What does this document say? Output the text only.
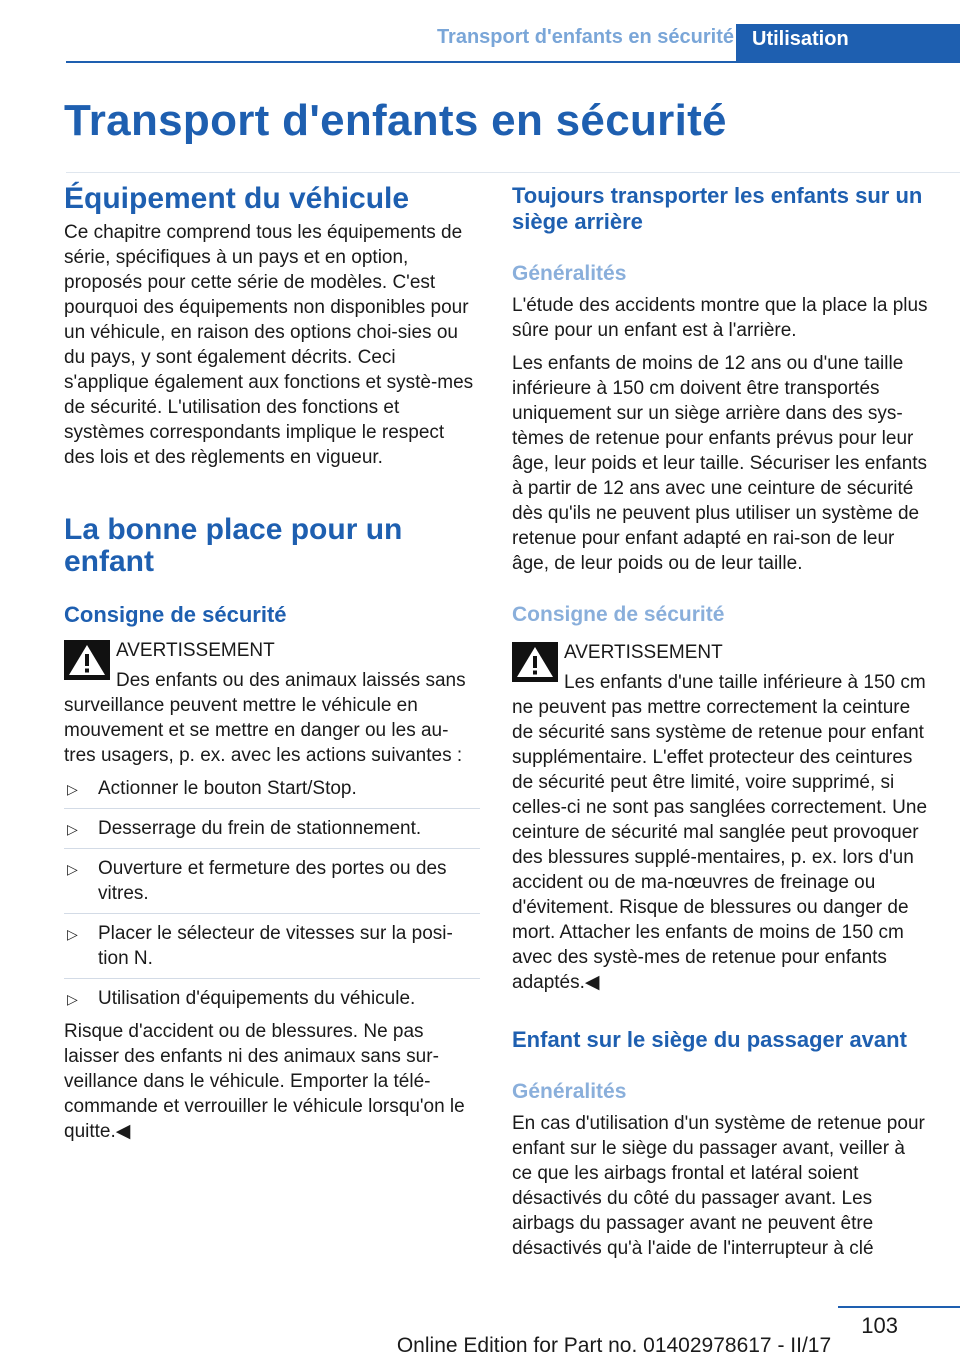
Transport d'enfants en sécurité Utilisation
Transport d'enfants en sécurité
Équipement du véhicule

Ce chapitre comprend tous les équipements de série, spécifiques à un pays et en option, proposés pour cette série de modèles. C'est pourquoi des équipements non disponibles pour un véhicule, en raison des options choi-sies ou du pays, y sont également décrits. Ceci s'applique également aux fonctions et systè-mes de sécurité. L'utilisation des fonctions et systèmes correspondants implique le respect des lois et des règlements en vigueur.

La bonne place pour un enfant
Consigne de sécurité

AVERTISSEMENT

Des enfants ou des animaux laissés sans surveillance peuvent mettre le véhicule en mouvement et se mettre en danger ou les au-tres usagers, p. ex. avec les actions suivantes :

▷ Actionner le bouton Start/Stop.
▷ Desserrage du frein de stationnement.
▷ Ouverture et fermeture des portes ou des vitres.
▷ Placer le sélecteur de vitesses sur la posi-tion N.
▷ Utilisation d'équipements du véhicule.

Risque d'accident ou de blessures. Ne pas laisser des enfants ni des animaux sans sur-veillance dans le véhicule. Emporter la télé-commande et verrouiller le véhicule lorsqu'on le quitte.◀

Toujours transporter les enfants sur un siège arrière
Généralités

L'étude des accidents montre que la place la plus sûre pour un enfant est à l'arrière.

Les enfants de moins de 12 ans ou d'une taille inférieure à 150 cm doivent être transportés uniquement sur un siège arrière dans des sys-tèmes de retenue pour enfants prévus pour leur âge, leur poids et leur taille. Sécuriser les enfants à partir de 12 ans avec une ceinture de sécurité dès qu'ils ne peuvent plus utiliser un système de retenue pour enfant adapté en rai-son de leur âge, de leur poids ou de leur taille.

Consigne de sécurité

AVERTISSEMENT

Les enfants d'une taille inférieure à 150 cm ne peuvent pas mettre correctement la ceinture de sécurité sans système de retenue pour enfant supplémentaire. L'effet protecteur des ceintures de sécurité peut être limité, voire supprimé, si celles-ci ne sont pas sanglées correctement. Une ceinture de sécurité mal sanglée peut provoquer des blessures supplé-mentaires, p. ex. lors d'un accident ou de ma-nœuvres de freinage ou d'évitement. Risque de blessures ou danger de mort. Attacher les enfants de moins de 150 cm avec des systè-mes de retenue pour enfants adaptés.◀

Enfant sur le siège du passager avant
Généralités

En cas d'utilisation d'un système de retenue pour enfant sur le siège du passager avant, veiller à ce que les airbags frontal et latéral soient désactivés du côté du passager avant. Les airbags du passager avant ne peuvent être désactivés qu'à l'aide de l'interrupteur à clé

103
Online Edition for Part no. 01402978617 - II/17
